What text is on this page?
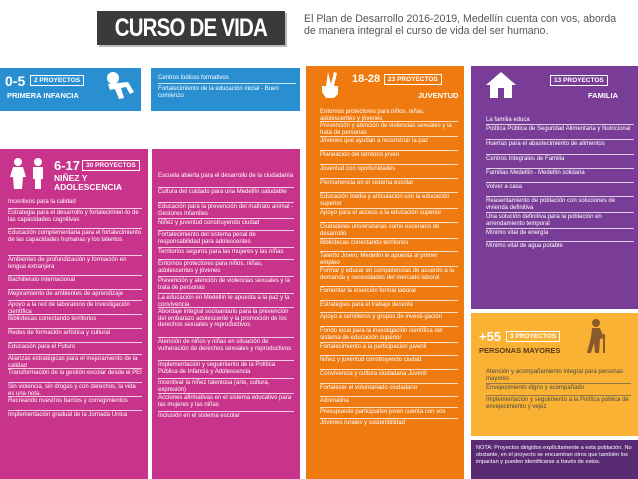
CURSO DE VIDA	El Plan de Desarrollo 2016-2019, Medellín cuenta con vos, aborda de manera integral el curso de vida del ser humano.
0-5	2 PROYECTOS
PRIMERA INFANCIA
Centros lúdicos formativos
Fortalecimiento de la educación inicial - Buen comienzo
6-17 30 PROYECTOS
NIÑEZ Y ADOLESCENCIA
Incentivos para la calidad
Estrategia para el desarrollo y fortalecimien-to de las capacidades cognitivas
Educación complementaria para el fortalecimiento de las capacidades humanas y los talentos
Ambientes de profundización y formación en lengua extranjera
Bachillerato internacional
Mejoramiento de ambientes de aprendizaje
Apoyo a la red de laboratorio de investigación científica
Bibliotecas conectando territorios
Redes de formación artística y cultural
Educación para el Futuro
Alianzas estratégicas para el mejoramiento de la calidad
Transformación de la gestión escolar desde el PEI
Sin violencia, sin drogas y con derechos, la vida es una nota.
Recreando nuestros barrios y corregimientos
Implementación gradual de la Jornada Única
Escuela abierta para el desarrollo de la ciudadanía
Cultura del cuidado para una Medellín saludable
Educación para la prevención del maltrato animal - Gestores Infantiles
Niñez y juventud construyendo ciudad
Fortalecimiento del sistema penal de responsabilidad para adolescentes
Territorios seguros para las mujeres y las niñas
Entornos protectores para niños, niñas, adolescentes y jóvenes
Prevención y atención de violencias sexuales y la trata de personas
La educación en Medellín le apuesta a la paz y la convivencia
Abordaje integral socioantario para la prevención del embarazo adolescente y la promoción de los derechos sexuales y reproductivos
Atención de niños y niñas en situación de vulneración de derechos sexuales y reproductivos
Implementación y seguimiento de la Política Pública de Infancia y Adolescencia
Incentivar la niñez talentosa (arte, cultura, expresión)
Acciones afirmativas en el sistema educativo para las mujeres y las niñas
Inclusión en el sistema escolar
18-28	23 PROYECTOS
JUVENTUD
Entornos protectores para niños, niñas, adolescentes y jóvenes
Prevención y atención de violencias sexuales y la trata de personas
Jóvenes que ayudan a reconstruir la paz
Planeación del territorio joven
Juventud con oportunidades
Permanencia en el sistema escolar
Educación media y articulación con la educación superior
Apoyo para el acceso a la educación superior
Ciudadelas universitarias como escenario de desarrollo
Bibliotecas conectando territorios
Talento Joven, Medellín le apuesta al primer empleo
Formar y educar en competencias de acuerdo a la demanda y necesidades del mercado laboral
Fomentar la inserción formal laboral
Estrategias para el trabajo decente
Apoyo a semilleros y grupos de investi-gación
Fondo local para la investigación científica del sistema de educación superior
Fortalecimiento a la participación juvenil
Niñez y juventud construyendo ciudad
Convivencia y cultura ciudadana Juvenil
Fortalecer el voluntariado ciudadano
Adrenalina
Presupuesto participativo joven cuenta con vos
Jóvenes rurales y sostenibilidad
13 PROYECTOS
FAMILIA
La familia educa
Política Pública de Seguridad Alimentaria y Nutricional
Huertas para el abastecimiento de alimentos
Centros Integrales de Familia
Familias Medellín - Medellín solidaria
Volver a casa
Reasentamiento de población con soluciones de vivienda definitiva
Una solución definitiva para la población en arrendamiento temporal
Mínimo vital de energía
Mínimo vital de agua potable
+55	3 PROYECTOS
PERSONAS MAYORES
Atención y acompañamiento integral para personas mayores
Envejecimiento digno y acompañado
Implementación y seguimiento a la Política pública de envejecimiento y vejez
NOTA: Proyectos dirigidos explícitamente a esta población. No obstante, en el proyecto se encuentran otros que también los impactan y pueden identificarse a través de estos.
